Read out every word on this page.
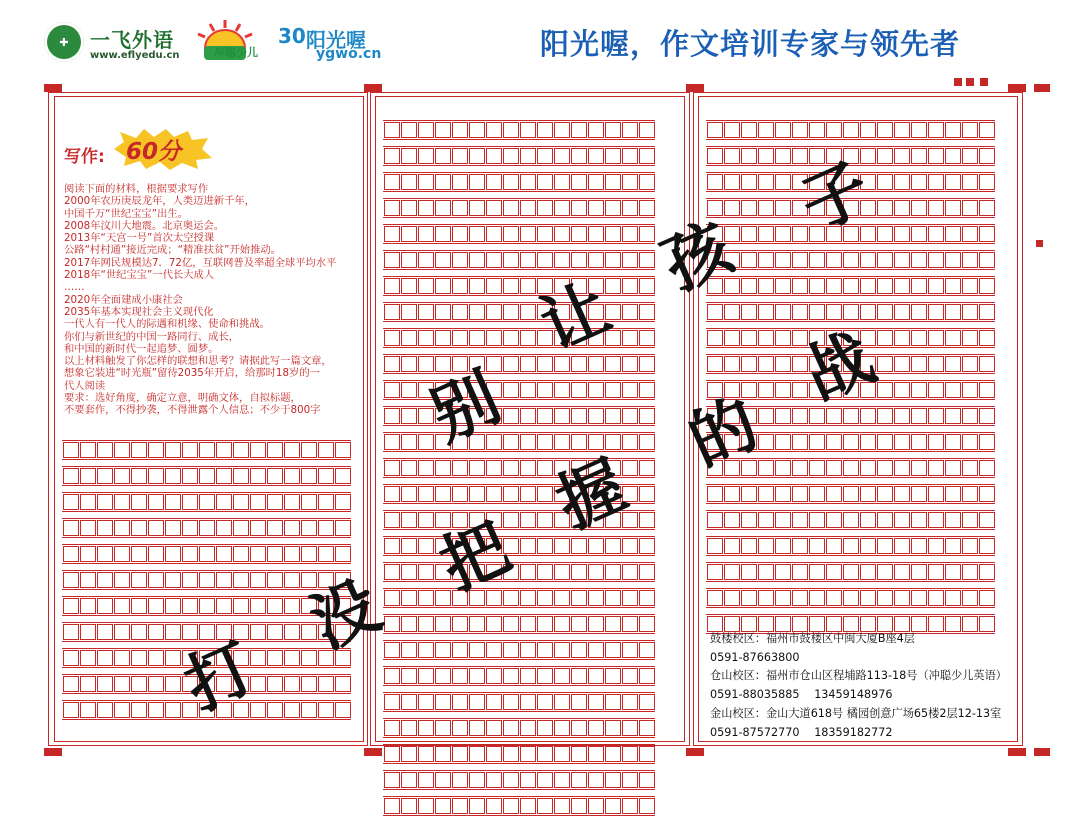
✚	一飞外语
www.eflyedu.cn	冲聪少儿
30 阳光喔
ygwo.cn	阳光喔，作文培训专家与领先者
写作: 60分
阅读下面的材料，根据要求写作
2000年农历庚辰龙年，人类迈进新千年，
中国千万“世纪宝宝”出生。
2008年汶川大地震。北京奥运会。
2013年“天宫一号”首次太空授课
公路“村村通”接近完成；“精准扶贫”开始推动。
2017年网民规模达7．72亿，互联网普及率超全球平均水平
2018年“世纪宝宝”一代长大成人
……
2020年全面建成小康社会
2035年基本实现社会主义现代化
一代人有一代人的际遇和机缘、使命和挑战。
你们与新世纪的中国一路同行、成长，
和中国的新时代一起追梦、圆梦。
以上材料触发了你怎样的联想和思考？请据此写一篇文章，
想象它装进“时光瓶”留待2035年开启，给那时18岁的一
代人阅读
要求：选好角度，确定立意，明确文体，自拟标题，
不要套作，不得抄袭，不得泄露个人信息；不少于800字
鼓楼校区：福州市鼓楼区中闽大厦B座4层
0591-87663800
仓山校区：福州市仓山区程埔路113-18号（冲聪少儿英语）
0591-88035885　 13459148976
金山校区：金山大道618号 橘园创意广场65楼2层12-13室
0591-87572770　 18359182772
别
让
孩
子
打
没
把
握
的
战
